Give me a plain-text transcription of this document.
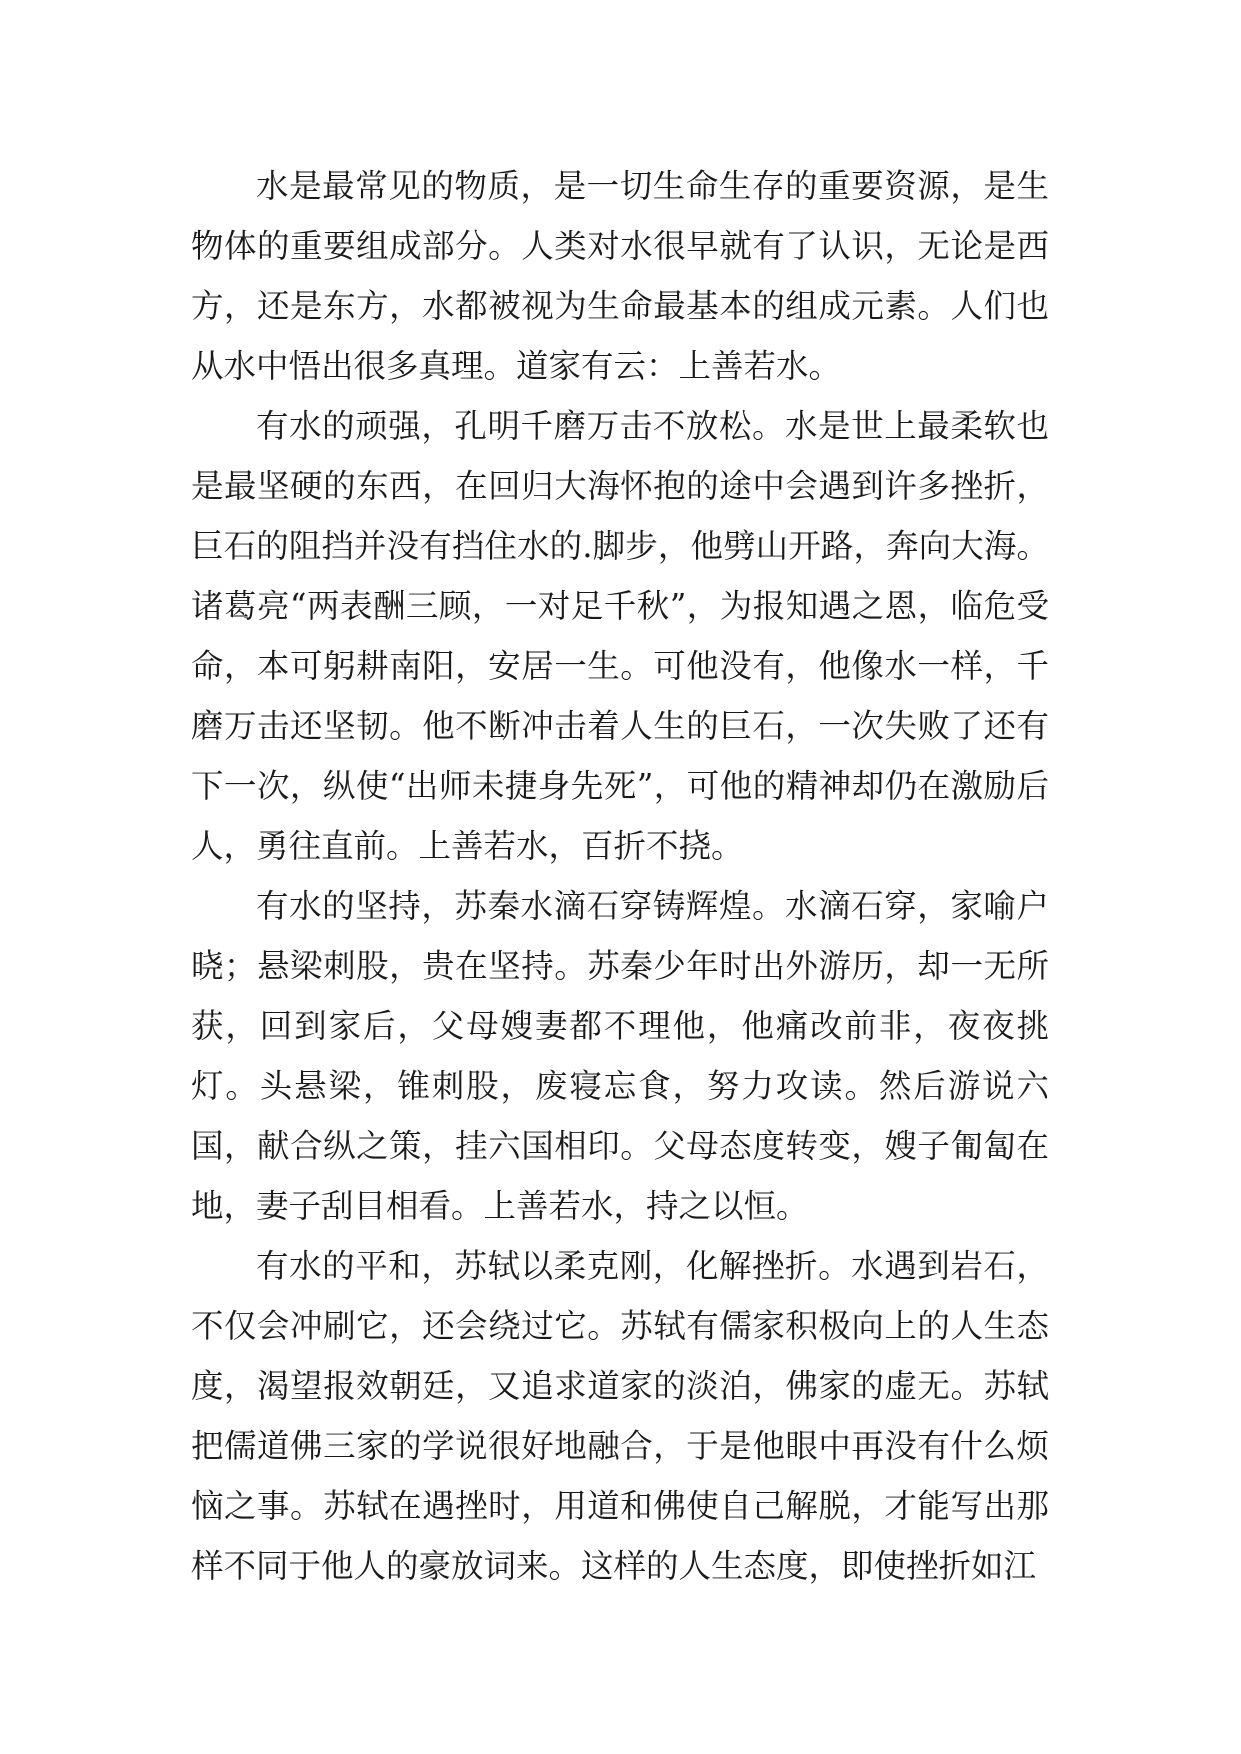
水是最常见的物质，是一切生命生存的重要资源，是生物体的重要组成部分。人类对水很早就有了认识，无论是西方，还是东方，水都被视为生命最基本的组成元素。人们也从水中悟出很多真理。道家有云：上善若水。

有水的顽强，孔明千磨万击不放松。水是世上最柔软也是最坚硬的东西，在回归大海怀抱的途中会遇到许多挫折，巨石的阻挡并没有挡住水的.脚步，他劈山开路，奔向大海。诸葛亮“两表酬三顾，一对足千秋”，为报知遇之恩，临危受命，本可躬耕南阳，安居一生。可他没有，他像水一样，千磨万击还坚韧。他不断冲击着人生的巨石，一次失败了还有下一次，纵使“出师未捷身先死”，可他的精神却仍在激励后人，勇往直前。上善若水，百折不挠。

有水的坚持，苏秦水滴石穿铸辉煌。水滴石穿，家喻户晓；悬梁刺股，贵在坚持。苏秦少年时出外游历，却一无所获，回到家后，父母嫂妻都不理他，他痛改前非，夜夜挑灯。头悬梁，锥刺股，废寝忘食，努力攻读。然后游说六国，献合纵之策，挂六国相印。父母态度转变，嫂子匍匐在地，妻子刮目相看。上善若水，持之以恒。

有水的平和，苏轼以柔克刚，化解挫折。水遇到岩石，不仅会冲刷它，还会绕过它。苏轼有儒家积极向上的人生态度，渴望报效朝廷，又追求道家的淡泊，佛家的虚无。苏轼把儒道佛三家的学说很好地融合，于是他眼中再没有什么烦恼之事。苏轼在遇挫时，用道和佛使自己解脱，才能写出那样不同于他人的豪放词来。这样的人生态度，即使挫折如江
